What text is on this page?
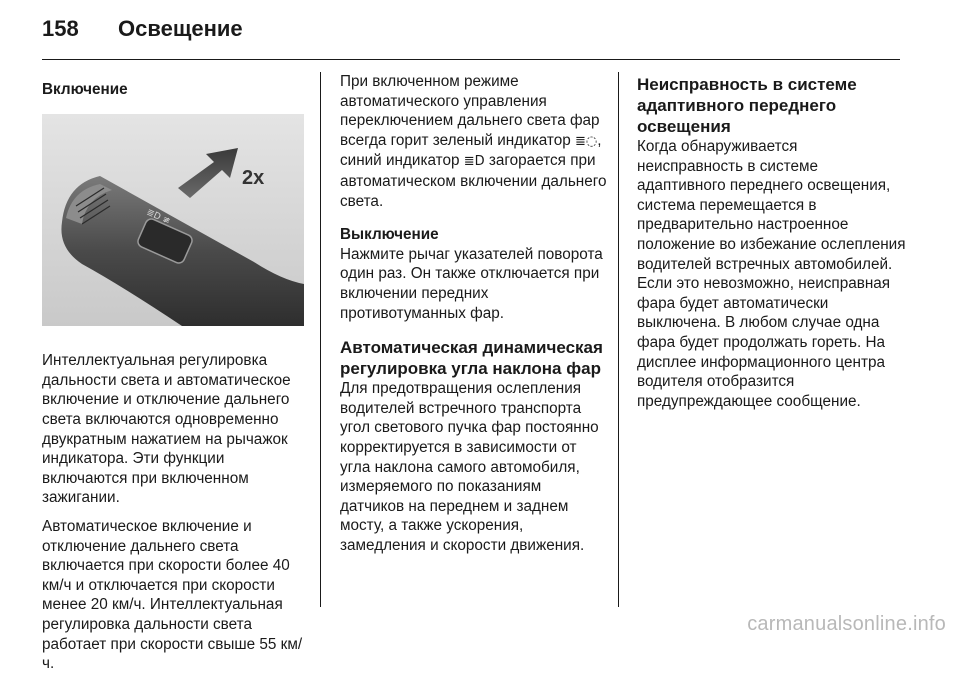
158	Освещение
Включение
≣D ≢
2x

Интеллектуальная регулировка дальности света и автоматическое включение и отключение дальнего света включаются одновременно двукратным нажатием на рычажок индикатора. Эти функции включаются при включенном зажигании.

Автоматическое включение и отключение дальнего света включается при скорости более 40 км/ч и отключается при скорости менее 20 км/ч. Интеллектуальная регулировка дальности света работает при скорости свыше 55 км/ч.

При включенном режиме автоматического управления переключением дальнего света фар всегда горит зеленый индикатор ≣◌, синий индикатор ≣D загорается при автоматическом включении дальнего света.

Выключение

Нажмите рычаг указателей поворота один раз. Он также отключается при включении передних противотуманных фар.

Автоматическая динамическая регулировка угла наклона фар

Для предотвращения ослепления водителей встречного транспорта угол светового пучка фар постоянно корректируется в зависимости от угла наклона самого автомобиля, измеряемого по показаниям датчиков на переднем и заднем мосту, а также ускорения, замедления и скорости движения.

Неисправность в системе адаптивного переднего освещения

Когда обнаруживается неисправность в системе адаптивного переднего освещения, система перемещается в предварительно настроенное положение во избежание ослепления водителей встречных автомобилей. Если это невозможно, неисправная фара будет автоматически выключена. В любом случае одна фара будет продолжать гореть. На дисплее информационного центра водителя отобразится предупреждающее сообщение.

carmanualsonline.info
